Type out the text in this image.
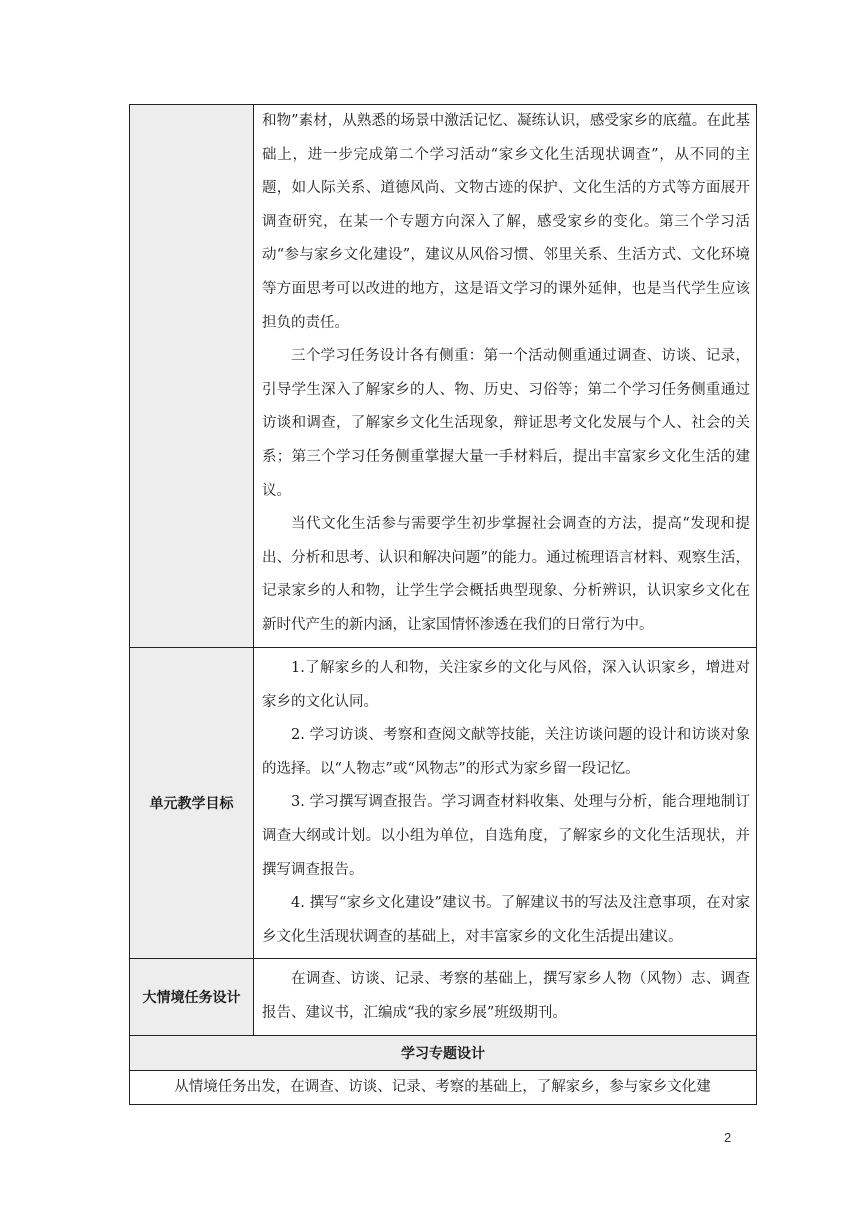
	和物”素材，从熟悉的场景中激活记忆、凝练认识，感受家乡的底蕴。在此基础上，进一步完成第二个学习活动“家乡文化生活现状调查”，从不同的主题，如人际关系、道德风尚、文物古迹的保护、文化生活的方式等方面展开调查研究，在某一个专题方向深入了解，感受家乡的变化。第三个学习活动“参与家乡文化建设”，建议从风俗习惯、邻里关系、生活方式、文化环境等方面思考可以改进的地方，这是语文学习的课外延伸，也是当代学生应该担负的责任。

三个学习任务设计各有侧重：第一个活动侧重通过调查、访谈、记录，引导学生深入了解家乡的人、物、历史、习俗等；第二个学习任务侧重通过访谈和调查，了解家乡文化生活现象，辩证思考文化发展与个人、社会的关系；第三个学习任务侧重掌握大量一手材料后，提出丰富家乡文化生活的建议。

当代文化生活参与需要学生初步掌握社会调查的方法，提高“发现和提出、分析和思考、认识和解决问题”的能力。通过梳理语言材料、观察生活，记录家乡的人和物，让学生学会概括典型现象、分析辨识，认识家乡文化在新时代产生的新内涵，让家国情怀渗透在我们的日常行为中。

单元教学目标	1.了解家乡的人和物，关注家乡的文化与风俗，深入认识家乡，增进对家乡的文化认同。

2. 学习访谈、考察和查阅文献等技能，关注访谈问题的设计和访谈对象的选择。以“人物志”或“风物志”的形式为家乡留一段记忆。

3. 学习撰写调查报告。学习调查材料收集、处理与分析，能合理地制订调查大纲或计划。以小组为单位，自选角度，了解家乡的文化生活现状，并撰写调查报告。

4. 撰写“家乡文化建设”建议书。了解建议书的写法及注意事项，在对家乡文化生活现状调查的基础上，对丰富家乡的文化生活提出建议。

大情境任务设计	在调查、访谈、记录、考察的基础上，撰写家乡人物（风物）志、调查报告、建议书，汇编成“我的家乡展”班级期刊。

学习专题设计	

从情境任务出发，在调查、访谈、记录、考察的基础上，了解家乡，参与家乡文化建	
2
